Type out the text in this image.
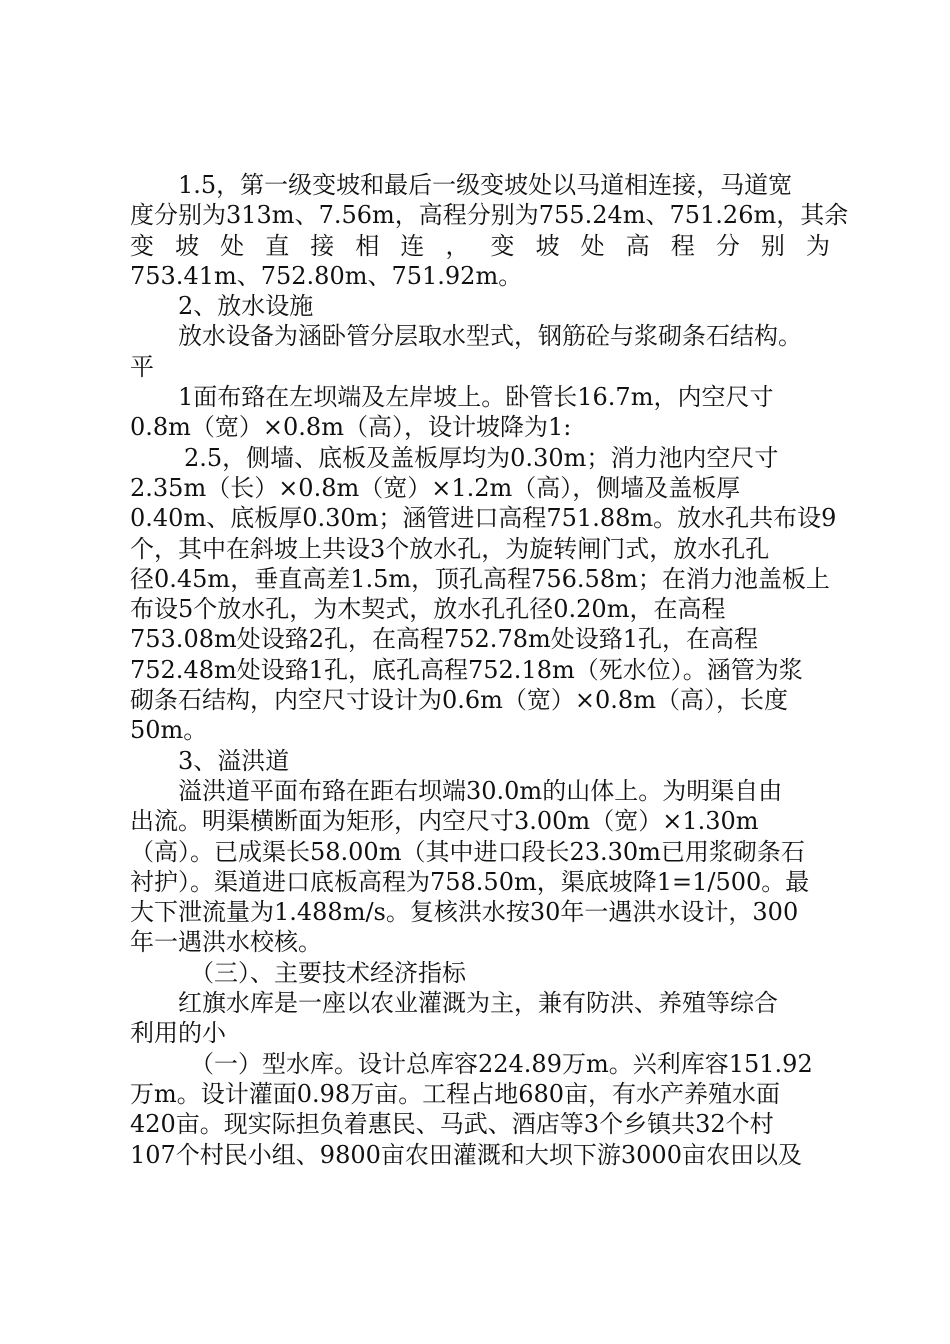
1.5，第一级变坡和最后一级变坡处以马道相连接，马道宽
度分别为313m、7.56m，高程分别为755.24m、751.26m，其余
变 坡 处 直 接 相 连 ， 变 坡 处 高 程 分 别 为
753.41m、752.80m、751.92m。
2、放水设施
放水设备为涵卧管分层取水型式，钢筋砼与浆砌条石结构。
平
1面布臵在左坝端及左岸坡上。卧管长16.7m，内空尺寸
0.8m（宽）×0.8m（高），设计坡降为1:
2.5，侧墙、底板及盖板厚均为0.30m；消力池内空尺寸
2.35m（长）×0.8m（宽）×1.2m（高），侧墙及盖板厚
0.40m、底板厚0.30m；涵管进口高程751.88m。放水孔共布设9
个，其中在斜坡上共设3个放水孔，为旋转闸门式，放水孔孔
径0.45m，垂直高差1.5m，顶孔高程756.58m；在消力池盖板上
布设5个放水孔，为木契式，放水孔孔径0.20m，在高程
753.08m处设臵2孔，在高程752.78m处设臵1孔，在高程
752.48m处设臵1孔，底孔高程752.18m（死水位）。涵管为浆
砌条石结构，内空尺寸设计为0.6m（宽）×0.8m（高），长度
50m。
3、溢洪道
溢洪道平面布臵在距右坝端30.0m的山体上。为明渠自由
出流。明渠横断面为矩形，内空尺寸3.00m（宽）×1.30m
（高）。已成渠长58.00m（其中进口段长23.30m已用浆砌条石
衬护）。渠道进口底板高程为758.50m，渠底坡降1=1/500。最
大下泄流量为1.488m/s。复核洪水按30年一遇洪水设计，300
年一遇洪水校核。
（三）、主要技术经济指标
红旗水库是一座以农业灌溉为主，兼有防洪、养殖等综合
利用的小
（一）型水库。设计总库容224.89万m。兴利库容151.92
万m。设计灌面0.98万亩。工程占地680亩，有水产养殖水面
420亩。现实际担负着惠民、马武、酒店等3个乡镇共32个村
107个村民小组、9800亩农田灌溉和大坝下游3000亩农田以及
